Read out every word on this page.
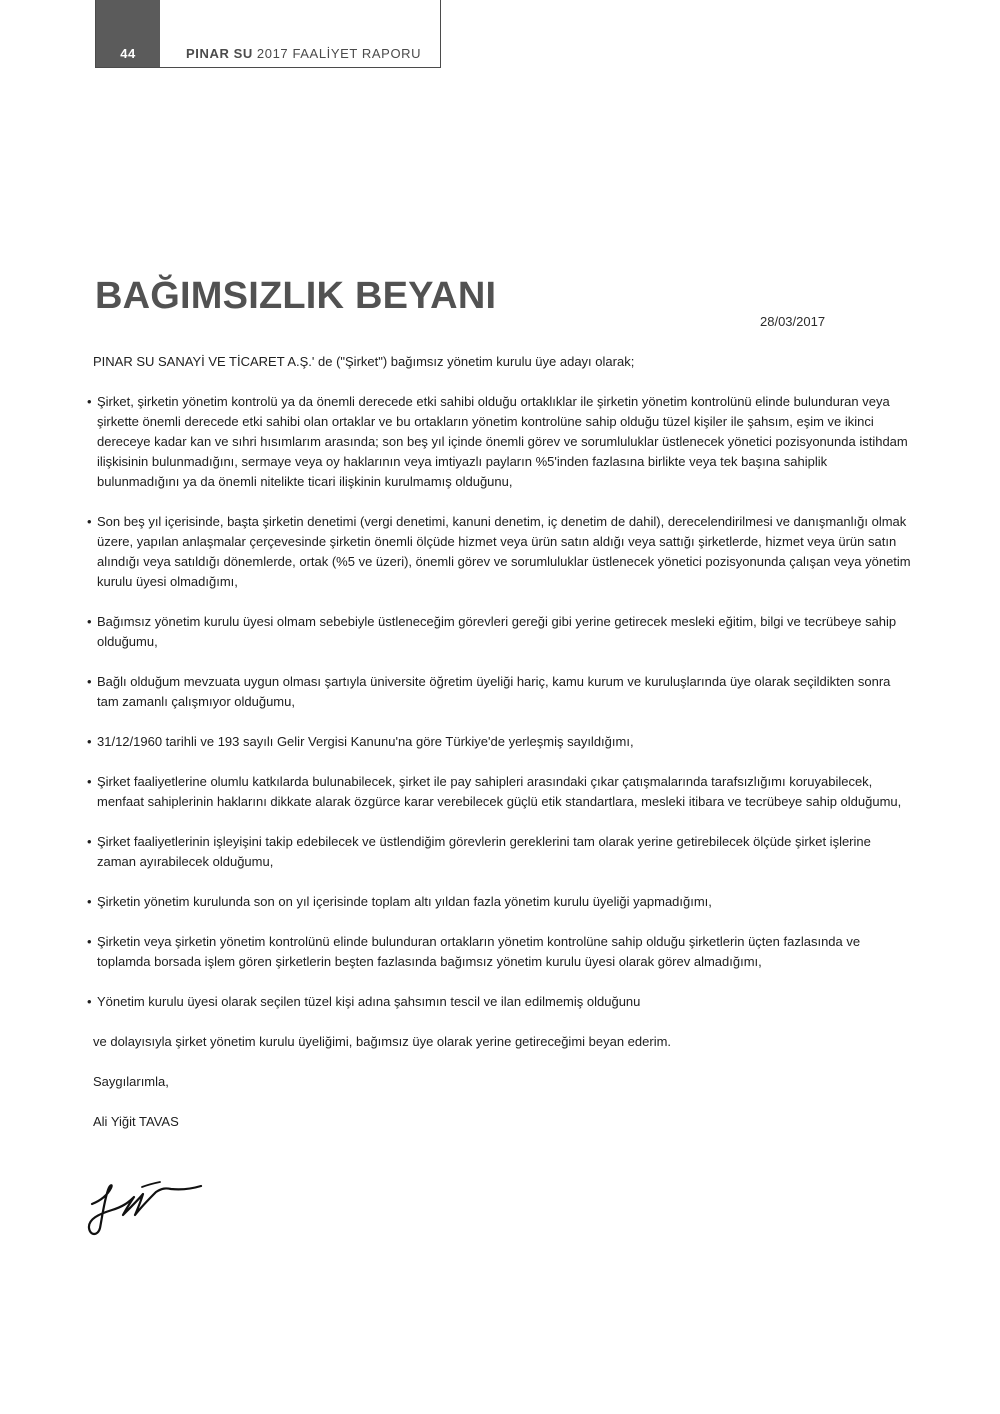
44	PINAR SU 2017 FAALİYET RAPORU
BAĞIMSIZLIK BEYANI
28/03/2017

PINAR SU SANAYİ VE TİCARET A.Ş.' de ("Şirket") bağımsız yönetim kurulu üye adayı olarak;

• Şirket, şirketin yönetim kontrolü ya da önemli derecede etki sahibi olduğu ortaklıklar ile şirketin yönetim kontrolünü elinde bulunduran veya şirkette önemli derecede etki sahibi olan ortaklar ve bu ortakların yönetim kontrolüne sahip olduğu tüzel kişiler ile şahsım, eşim ve ikinci dereceye kadar kan ve sıhri hısımlarım arasında; son beş yıl içinde önemli görev ve sorumluluklar üstlenecek yönetici pozisyonunda istihdam ilişkisinin bulunmadığını, sermaye veya oy haklarının veya imtiyazlı payların %5'inden fazlasına birlikte veya tek başına sahiplik bulunmadığını ya da önemli nitelikte ticari ilişkinin kurulmamış olduğunu,
• Son beş yıl içerisinde, başta şirketin denetimi (vergi denetimi, kanuni denetim, iç denetim de dahil), derecelendirilmesi ve danışmanlığı olmak üzere, yapılan anlaşmalar çerçevesinde şirketin önemli ölçüde hizmet veya ürün satın aldığı veya sattığı şirketlerde, hizmet veya ürün satın alındığı veya satıldığı dönemlerde, ortak (%5 ve üzeri), önemli görev ve sorumluluklar üstlenecek yönetici pozisyonunda çalışan veya yönetim kurulu üyesi olmadığımı,
• Bağımsız yönetim kurulu üyesi olmam sebebiyle üstleneceğim görevleri gereği gibi yerine getirecek mesleki eğitim, bilgi ve tecrübeye sahip olduğumu,
• Bağlı olduğum mevzuata uygun olması şartıyla üniversite öğretim üyeliği hariç, kamu kurum ve kuruluşlarında üye olarak seçildikten sonra tam zamanlı çalışmıyor olduğumu,
• 31/12/1960 tarihli ve 193 sayılı Gelir Vergisi Kanunu'na göre Türkiye'de yerleşmiş sayıldığımı,
• Şirket faaliyetlerine olumlu katkılarda bulunabilecek, şirket ile pay sahipleri arasındaki çıkar çatışmalarında tarafsızlığımı koruyabilecek, menfaat sahiplerinin haklarını dikkate alarak özgürce karar verebilecek güçlü etik standartlara, mesleki itibara ve tecrübeye sahip olduğumu,
• Şirket faaliyetlerinin işleyişini takip edebilecek ve üstlendiğim görevlerin gereklerini tam olarak yerine getirebilecek ölçüde şirket işlerine zaman ayırabilecek olduğumu,
• Şirketin yönetim kurulunda son on yıl içerisinde toplam altı yıldan fazla yönetim kurulu üyeliği yapmadığımı,
• Şirketin veya şirketin yönetim kontrolünü elinde bulunduran ortakların yönetim kontrolüne sahip olduğu şirketlerin üçten fazlasında ve toplamda borsada işlem gören şirketlerin beşten fazlasında bağımsız yönetim kurulu üyesi olarak görev almadığımı,
• Yönetim kurulu üyesi olarak seçilen tüzel kişi adına şahsımın tescil ve ilan edilmemiş olduğunu

ve dolayısıyla şirket yönetim kurulu üyeliğimi, bağımsız üye olarak yerine getireceğimi beyan ederim.

Saygılarımla,

Ali Yiğit TAVAS
